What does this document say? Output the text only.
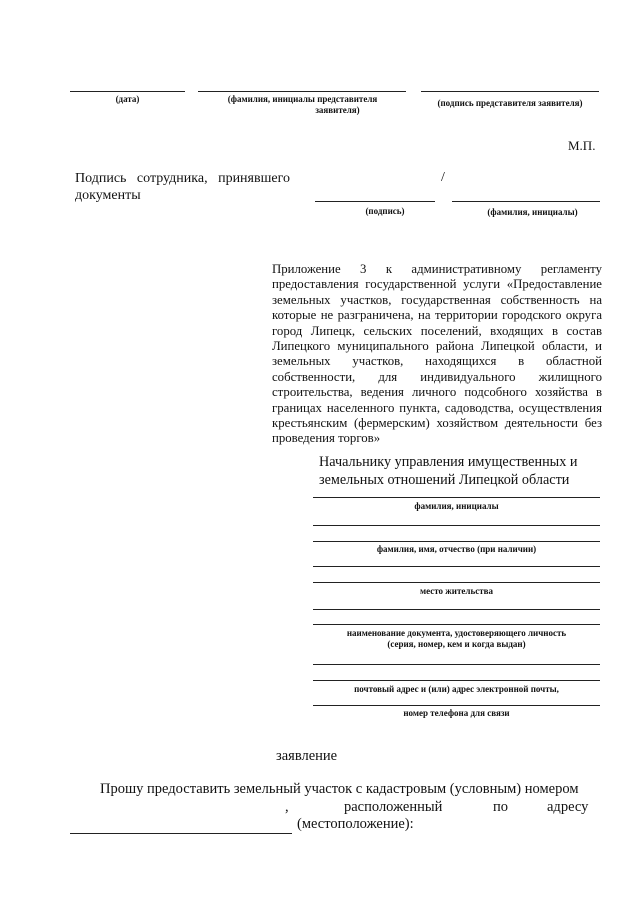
(дата)	(фамилия, инициалы представителя
заявителя)
(подпись представителя заявителя)
М.П.
Подпись   сотрудника,   принявшего
документы
/
(подпись)	(фамилия, инициалы)
Приложение   3   к   административному   регламенту
предоставления государственной услуги «Предоставление
земельных участков, государственная собственность на
которые не разграничена, на территории городского округа
город Липецк, сельских поселений, входящих в состав
Липецкого муниципального района Липецкой области, и
земельных     участков,     находящихся     в     областной
собственности,      для      индивидуального      жилищного
строительства, ведения личного подсобного хозяйства в
границах населенного пункта, садоводства, осуществления
крестьянским (фермерским) хозяйством деятельности без
проведения торгов»
Начальнику управления имущественных и
земельных отношений Липецкой области
фамилия, инициалы
фамилия, имя, отчество (при наличии)
место жительства
наименование документа, удостоверяющего личность
(серия, номер, кем и когда выдан)
почтовый адрес и (или) адрес электронной почты,
номер телефона для связи
заявление
Прошу предоставить земельный участок с кадастровым (условным) номером
,	расположенный	по	адресу
(местоположение):
